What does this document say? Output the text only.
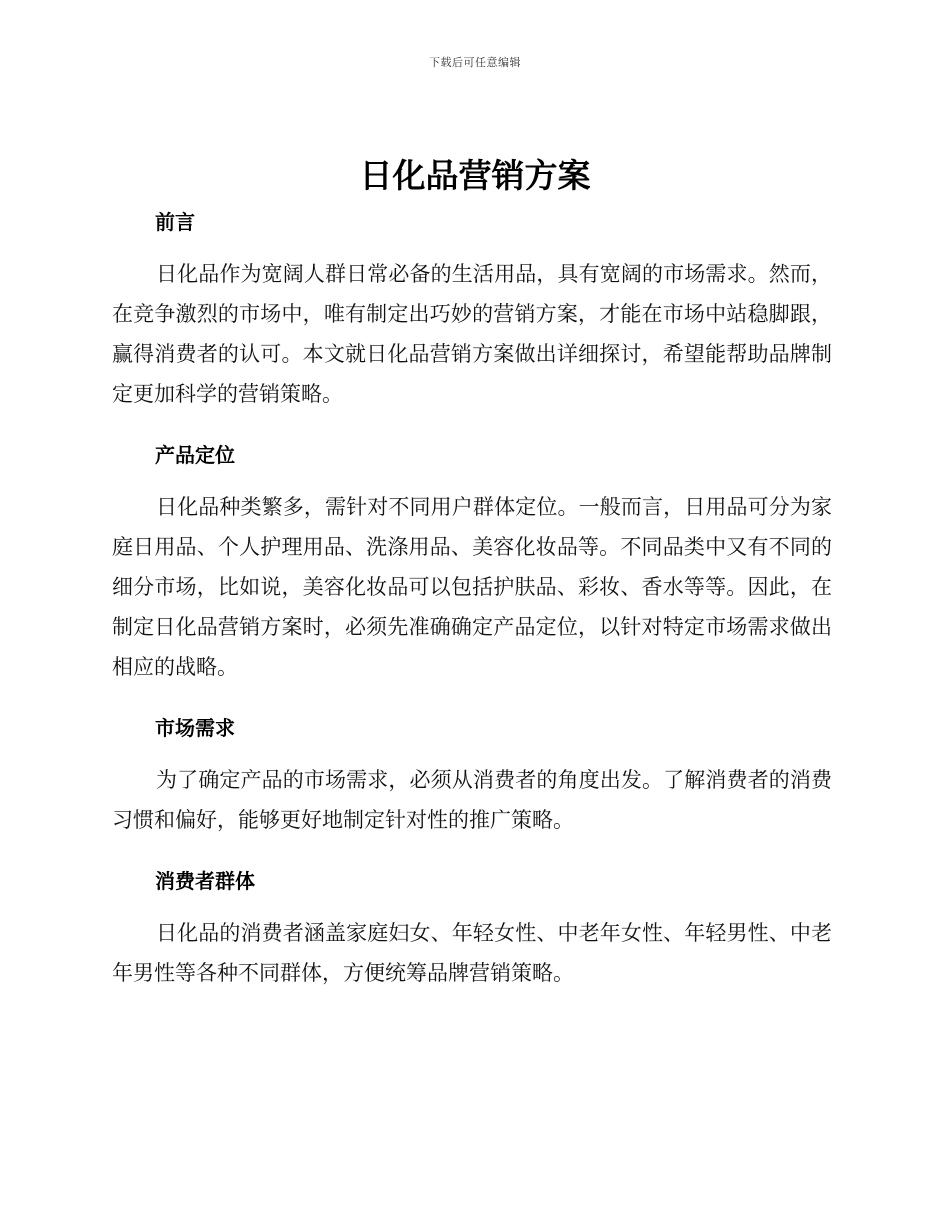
下载后可任意编辑
日化品营销方案
前言

日化品作为宽阔人群日常必备的生活用品，具有宽阔的市场需求。然而，在竞争激烈的市场中，唯有制定出巧妙的营销方案，才能在市场中站稳脚跟，赢得消费者的认可。本文就日化品营销方案做出详细探讨，希望能帮助品牌制定更加科学的营销策略。

产品定位

日化品种类繁多，需针对不同用户群体定位。一般而言，日用品可分为家庭日用品、个人护理用品、洗涤用品、美容化妆品等。不同品类中又有不同的细分市场，比如说，美容化妆品可以包括护肤品、彩妆、香水等等。因此，在制定日化品营销方案时，必须先准确确定产品定位，以针对特定市场需求做出相应的战略。

市场需求

为了确定产品的市场需求，必须从消费者的角度出发。了解消费者的消费习惯和偏好，能够更好地制定针对性的推广策略。

消费者群体

日化品的消费者涵盖家庭妇女、年轻女性、中老年女性、年轻男性、中老年男性等各种不同群体，方便统筹品牌营销策略。
